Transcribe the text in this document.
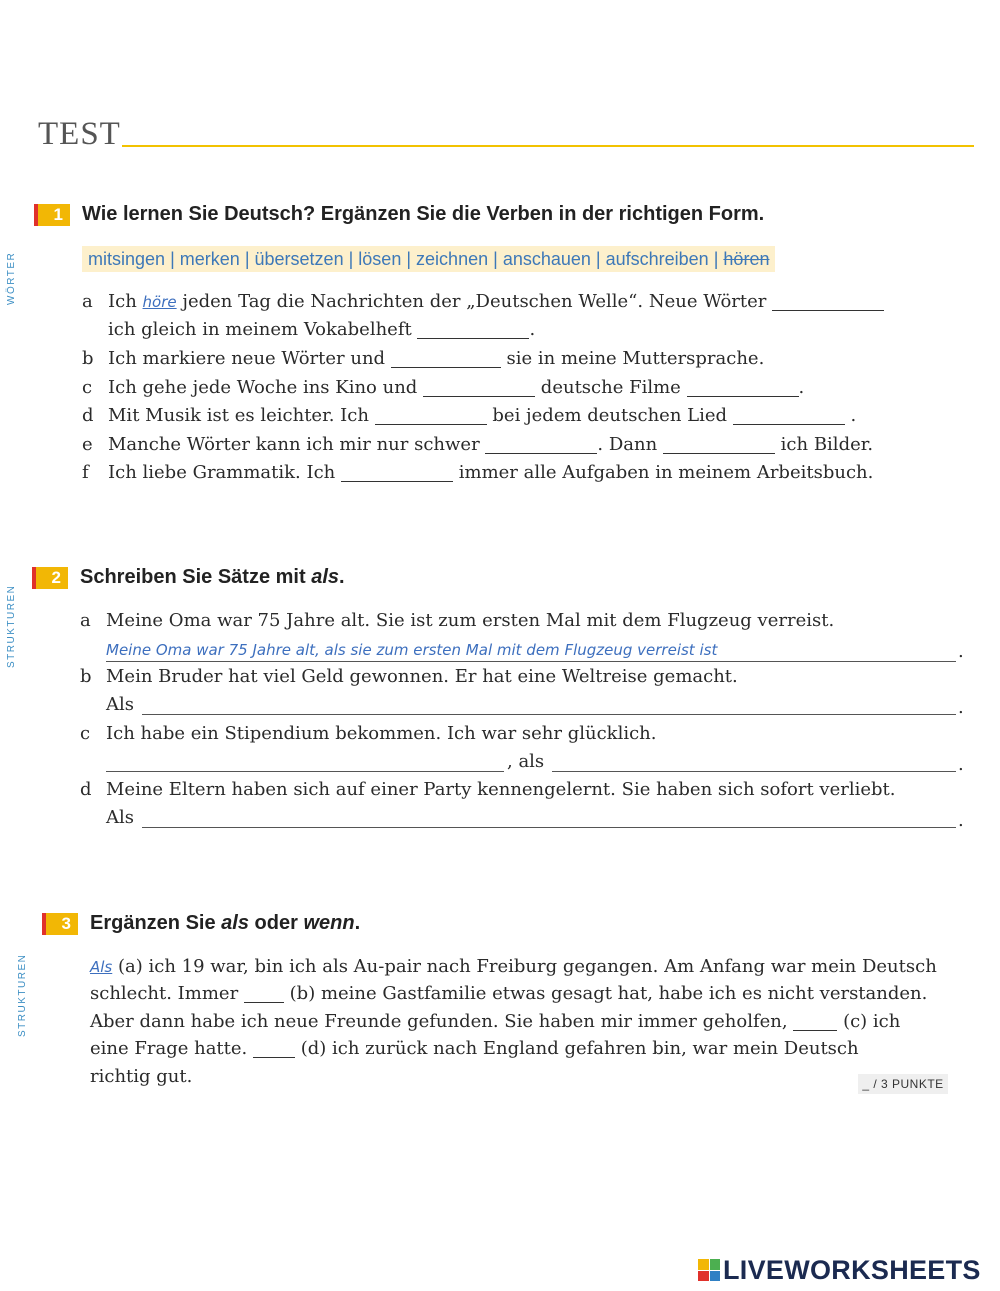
TEST
WÖRTER
1 Wie lernen Sie Deutsch? Ergänzen Sie die Verben in der richtigen Form.
mitsingen | merken | übersetzen | lösen | zeichnen | anschauen | aufschreiben | hören
a Ich höre jeden Tag die Nachrichten der „Deutschen Welle“. Neue Wörter
ich gleich in meinem Vokabelheft	.
b Ich markiere neue Wörter und	sie in meine Muttersprache.
c Ich gehe jede Woche ins Kino und	deutsche Filme	.
d Mit Musik ist es leichter. Ich	bei jedem deutschen Lied	.
e Manche Wörter kann ich mir nur schwer	. Dann	ich Bilder.
f Ich liebe Grammatik. Ich	immer alle Aufgaben in meinem Arbeitsbuch.
STRUKTUREN
2 Schreiben Sie Sätze mit als.
a Meine Oma war 75 Jahre alt. Sie ist zum ersten Mal mit dem Flugzeug verreist.
Meine Oma war 75 Jahre alt, als sie zum ersten Mal mit dem Flugzeug verreist ist	.
b Mein Bruder hat viel Geld gewonnen. Er hat eine Weltreise gemacht.
Als	.
c Ich habe ein Stipendium bekommen. Ich war sehr glücklich.
, als	.
d Meine Eltern haben sich auf einer Party kennengelernt. Sie haben sich sofort verliebt.
Als	.
STRUKTUREN
3 Ergänzen Sie als oder wenn.
Als (a) ich 19 war, bin ich als Au-pair nach Freiburg gegangen. Am Anfang war mein Deutsch
schlecht. Immer	(b) meine Gastfamilie etwas gesagt hat, habe ich es nicht verstanden.
Aber dann habe ich neue Freunde gefunden. Sie haben mir immer geholfen,	(c) ich
eine Frage hatte.	(d) ich zurück nach England gefahren bin, war mein Deutsch
richtig gut.	_ / 3 PUNKTE
LIVEWORKSHEETS
